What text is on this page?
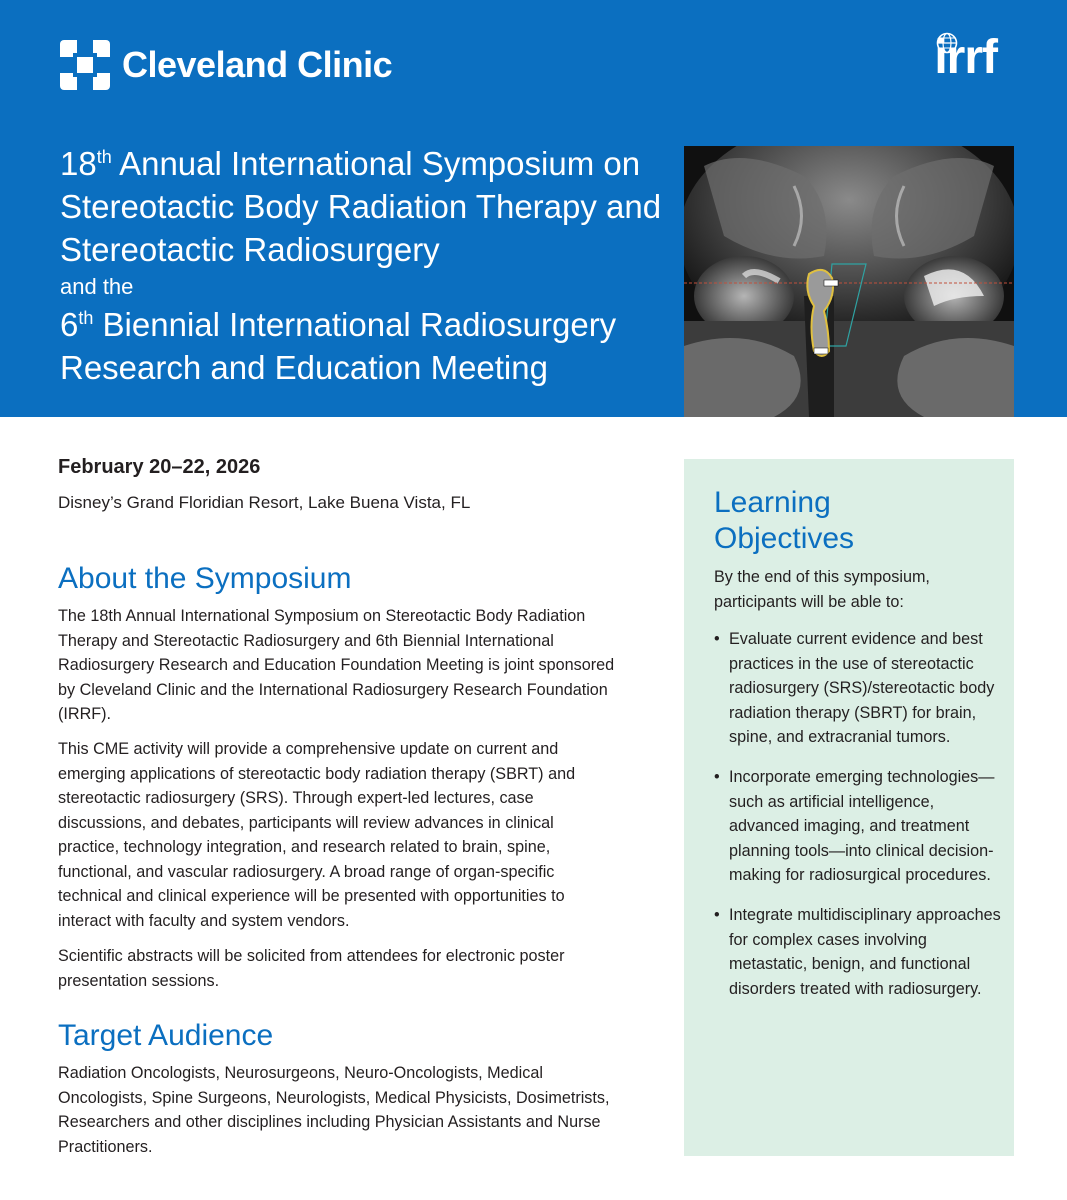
Cleveland Clinic	irrf
18th Annual International Symposium on
Stereotactic Body Radiation Therapy and
Stereotactic Radiosurgery
and the
6th Biennial International Radiosurgery
Research and Education Meeting
February 20–22, 2026
Disney’s Grand Floridian Resort, Lake Buena Vista, FL
About the Symposium

The 18th Annual International Symposium on Stereotactic Body Radiation Therapy and Stereotactic Radiosurgery and 6th Biennial International Radiosurgery Research and Education Foundation Meeting is joint sponsored by Cleveland Clinic and the International Radiosurgery Research Foundation (IRRF).

This CME activity will provide a comprehensive update on current and emerging applications of stereotactic body radiation therapy (SBRT) and stereotactic radiosurgery (SRS). Through expert-led lectures, case discussions, and debates, participants will review advances in clinical practice, technology integration, and research related to brain, spine, functional, and vascular radiosurgery. A broad range of organ-specific technical and clinical experience will be presented with opportunities to interact with faculty and system vendors.

Scientific abstracts will be solicited from attendees for electronic poster presentation sessions.

Target Audience

Radiation Oncologists, Neurosurgeons, Neuro-Oncologists, Medical Oncologists, Spine Surgeons, Neurologists, Medical Physicists, Dosimetrists, Researchers and other disciplines including Physician Assistants and Nurse Practitioners.

Learning
Objectives
By the end of this symposium, participants will be able to:
• Evaluate current evidence and best practices in the use of stereotactic radiosurgery (SRS)/stereotactic body radiation therapy (SBRT) for brain, spine, and extracranial tumors.
• Incorporate emerging technologies—such as artificial intelligence, advanced imaging, and treatment planning tools—into clinical decision-making for radiosurgical procedures.
• Integrate multidisciplinary approaches for complex cases involving metastatic, benign, and functional disorders treated with radiosurgery.
